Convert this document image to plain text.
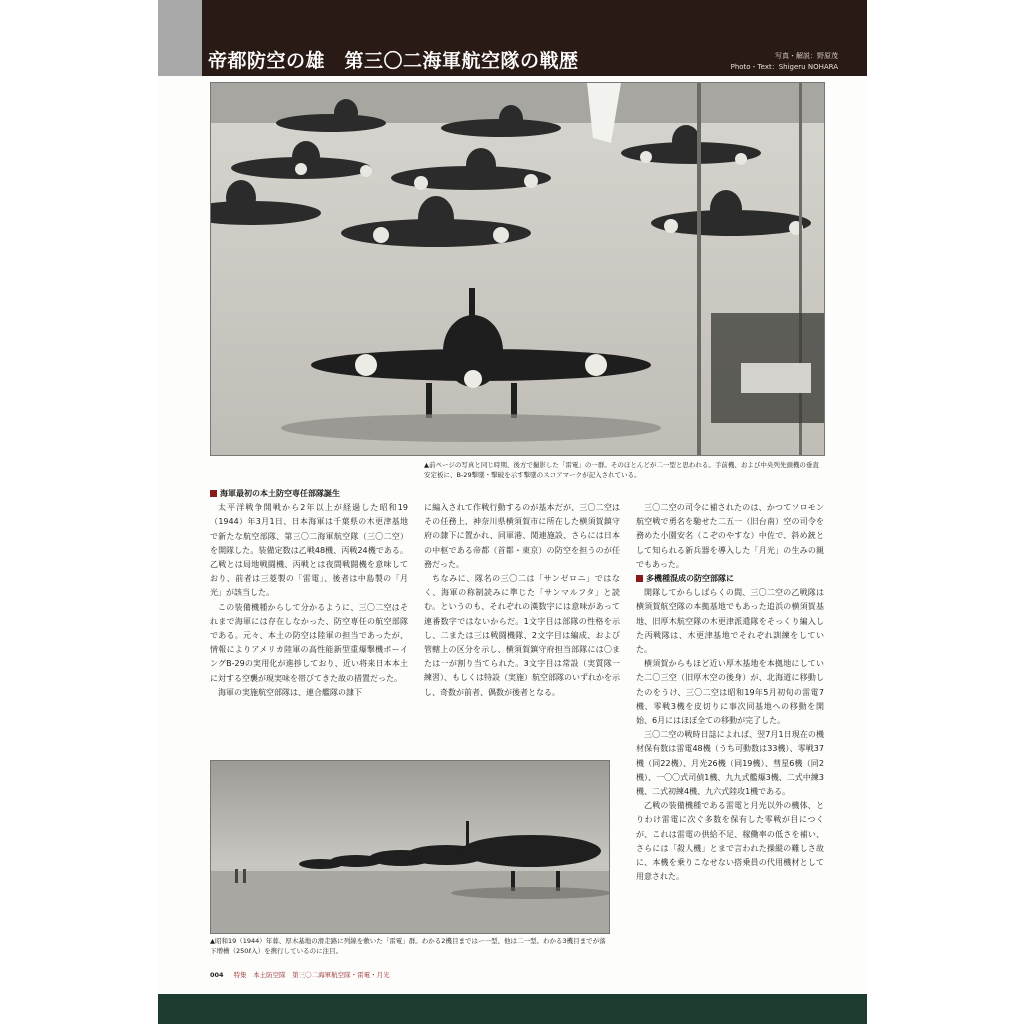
帝都防空の雄　第三〇二海軍航空隊の戦歴	写真・解説：野原茂
Photo・Text：Shigeru NOHARA
▲前ページの写真と同じ時期、後方で撮影した「雷電」の一群。そのほとんどが二一型と思われる。手前機、および中央列先頭機の垂直安定板に、B-29撃墜・撃破を示す撃墜のスコアマークが記入されている。
海軍最初の本土防空専任部隊誕生

太平洋戦争開戦から2年以上が経過した昭和19（1944）年3月1日、日本海軍は千葉県の木更津基地で新たな航空部隊、第三〇二海軍航空隊（三〇二空）を開隊した。装備定数は乙戦48機、丙戦24機である。乙戦とは局地戦闘機、丙戦とは夜間戦闘機を意味しており、前者は三菱製の「雷電」、後者は中島製の「月光」が該当した。

この装備機種からして分かるように、三〇二空はそれまで海軍には存在しなかった、防空専任の航空部隊である。元々、本土の防空は陸軍の担当であったが、情報によりアメリカ陸軍の高性能新型重爆撃機ボーイングB-29の実用化が進捗しており、近い将来日本本土に対する空襲が現実味を帯びてきた故の措置だった。

海軍の実施航空部隊は、連合艦隊の隷下

に編入されて作戦行動するのが基本だが、三〇二空はその任務上、神奈川県横須賀市に所在した横須賀鎮守府の隷下に置かれ、同軍港、関連施設、さらには日本の中枢である帝都（首都・東京）の防空を担うのが任務だった。

ちなみに、隊名の三〇二は「サンゼロニ」ではなく、海軍の称制読みに準じた「サンマルフタ」と読む。というのも、それぞれの漢数字には意味があって連番数字ではないからだ。1文字目は部隊の性格を示し、二または三は戦闘機隊、2文字目は編成、および管轄上の区分を示し、横須賀鎮守府担当部隊には〇または一が割り当てられた。3文字目は常設（実質隊一練習）、もしくは特設（実施）航空部隊のいずれかを示し、奇数が前者、偶数が後者となる。

三〇二空の司令に補されたのは、かつてソロモン航空戦で勇名を馳せた二五一（旧台南）空の司令を務めた小園安名（こぞのやすな）中佐で、斜め銃として知られる新兵器を導入した「月光」の生みの親でもあった。

多機種混成の防空部隊に

開隊してからしばらくの間、三〇二空の乙戦隊は横須賀航空隊の本拠基地でもあった追浜の横須賀基地、旧厚木航空隊の木更津派遣隊をそっくり編入した丙戦隊は、木更津基地でそれぞれ訓練をしていた。

横須賀からもほど近い厚木基地を本拠地にしていた二〇三空（旧厚木空の後身）が、北海道に移動したのをうけ、三〇二空は昭和19年5月初旬の雷電7機、零戦3機を皮切りに事次同基地への移動を開始、6月にはほぼ全ての移動が完了した。

三〇二空の戦時日誌によれば、翌7月1日現在の機材保有数は雷電48機（うち可動数は33機）、零戦37機（同22機）、月光26機（同19機）、彗星6機（同2機）、一〇〇式司偵1機、九九式艦爆3機、二式中練3機、二式初練4機、九六式陸攻1機である。

乙戦の装備機種である雷電と月光以外の機体、とりわけ雷電に次ぐ多数を保有した零戦が目につくが、これは雷電の供給不足、稼働率の低さを補い、さらには「殺人機」とまで言われた操縦の難しさ故に、本機を乗りこなせない搭乗員の代用機材として用意された。

▲昭和19（1944）年暮、厚木基地の滑走路に列線を敷いた「雷電」群。わかる2機目まではー一型、他は二一型。わかる3機目までが落下増槽（250ℓ入）を携行しているのに注目。
004 特集　本土防空隊　第三〇二海軍航空隊・雷電・月光
